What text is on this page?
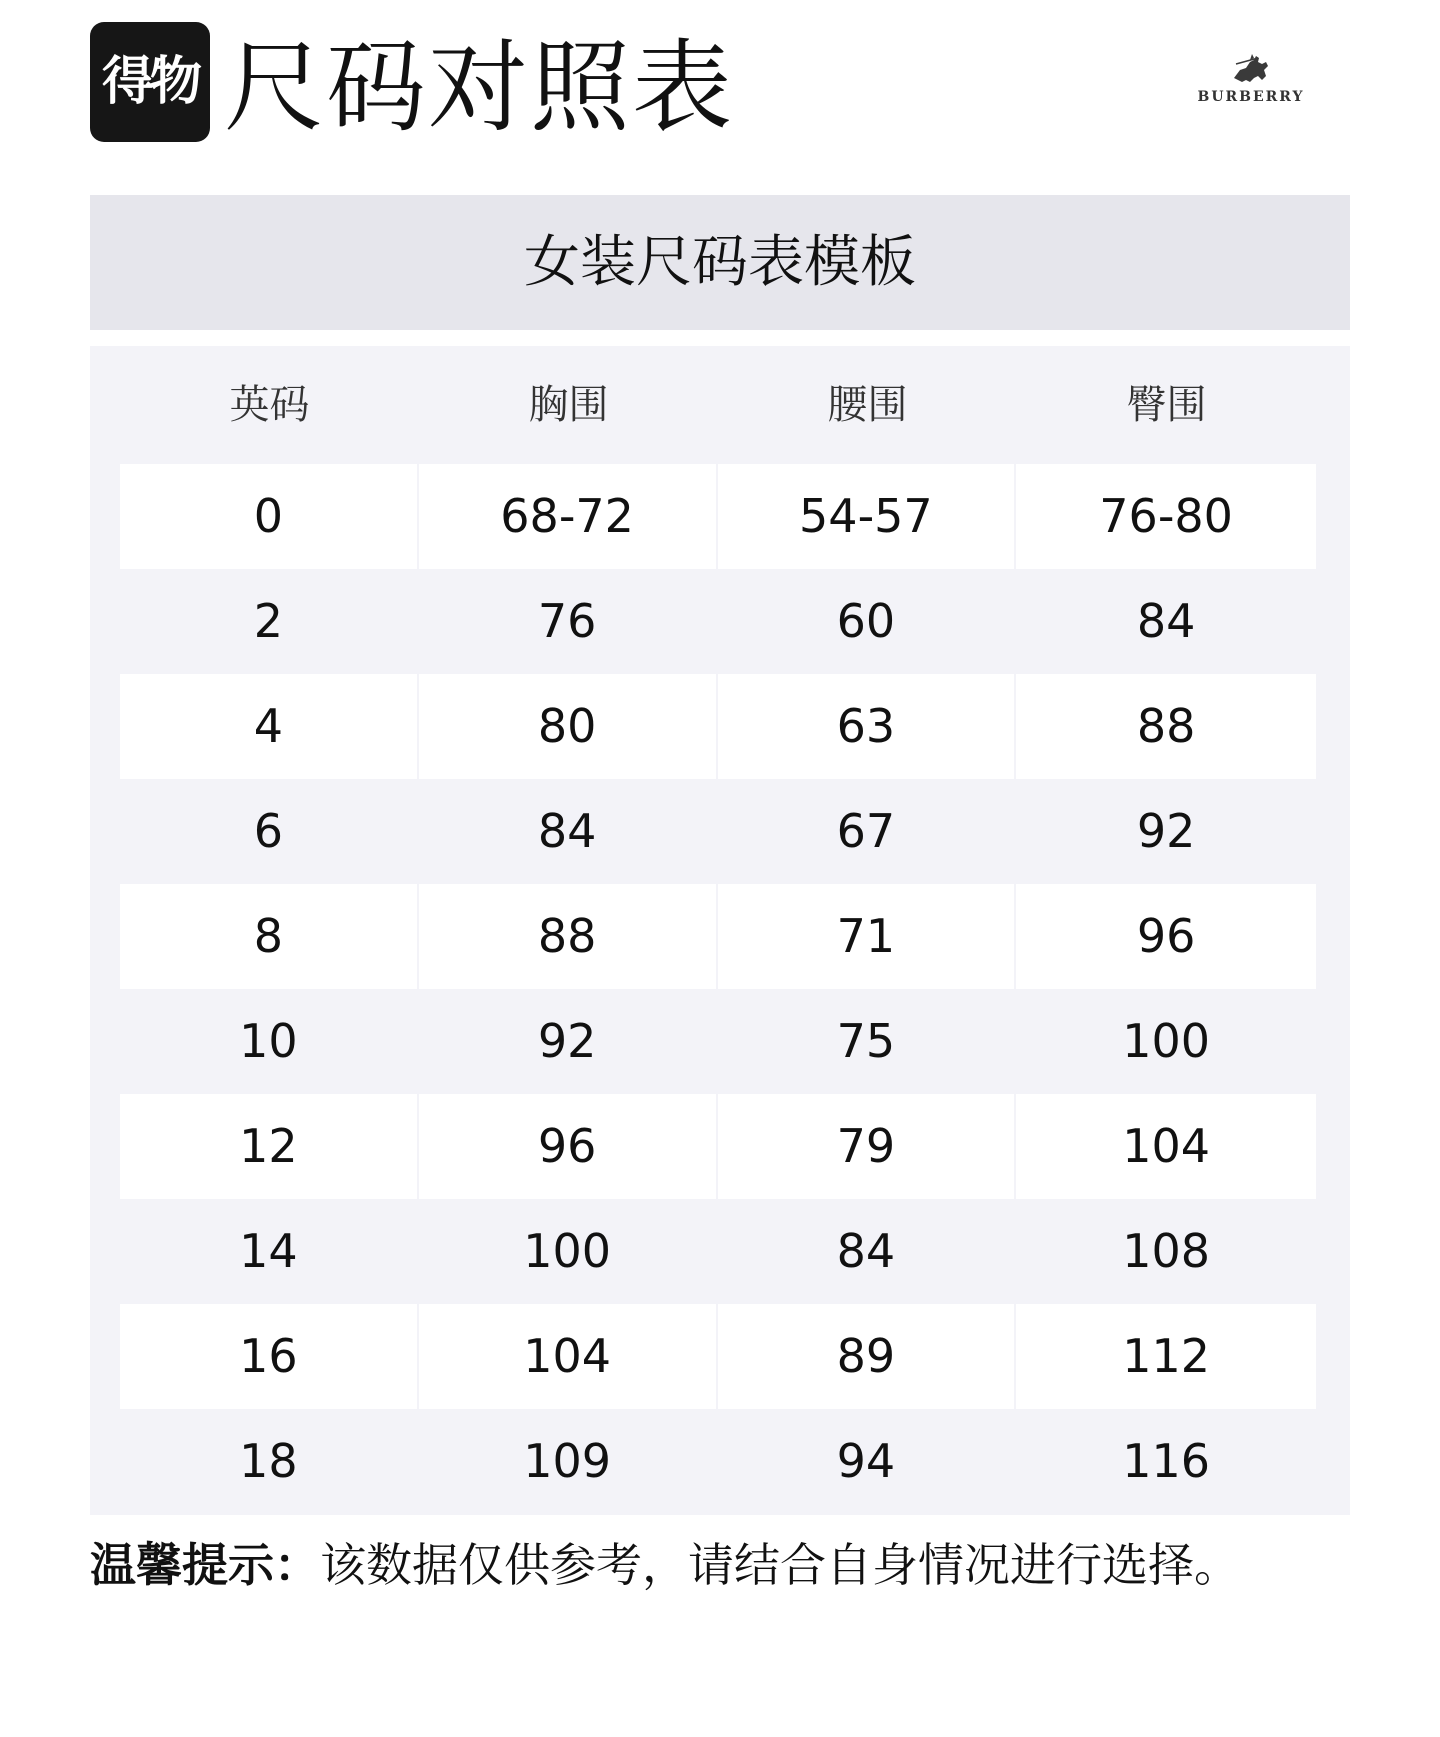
得物 尺码对照表	BURBERRY
女装尺码表模板
英码	胸围	腰围	臀围
0	68-72	54-57	76-80
2	76	60	84
4	80	63	88
6	84	67	92
8	88	71	96
10	92	75	100
12	96	79	104
14	100	84	108
16	104	89	112
18	109	94	116
温馨提示：该数据仅供参考，请结合自身情况进行选择。
